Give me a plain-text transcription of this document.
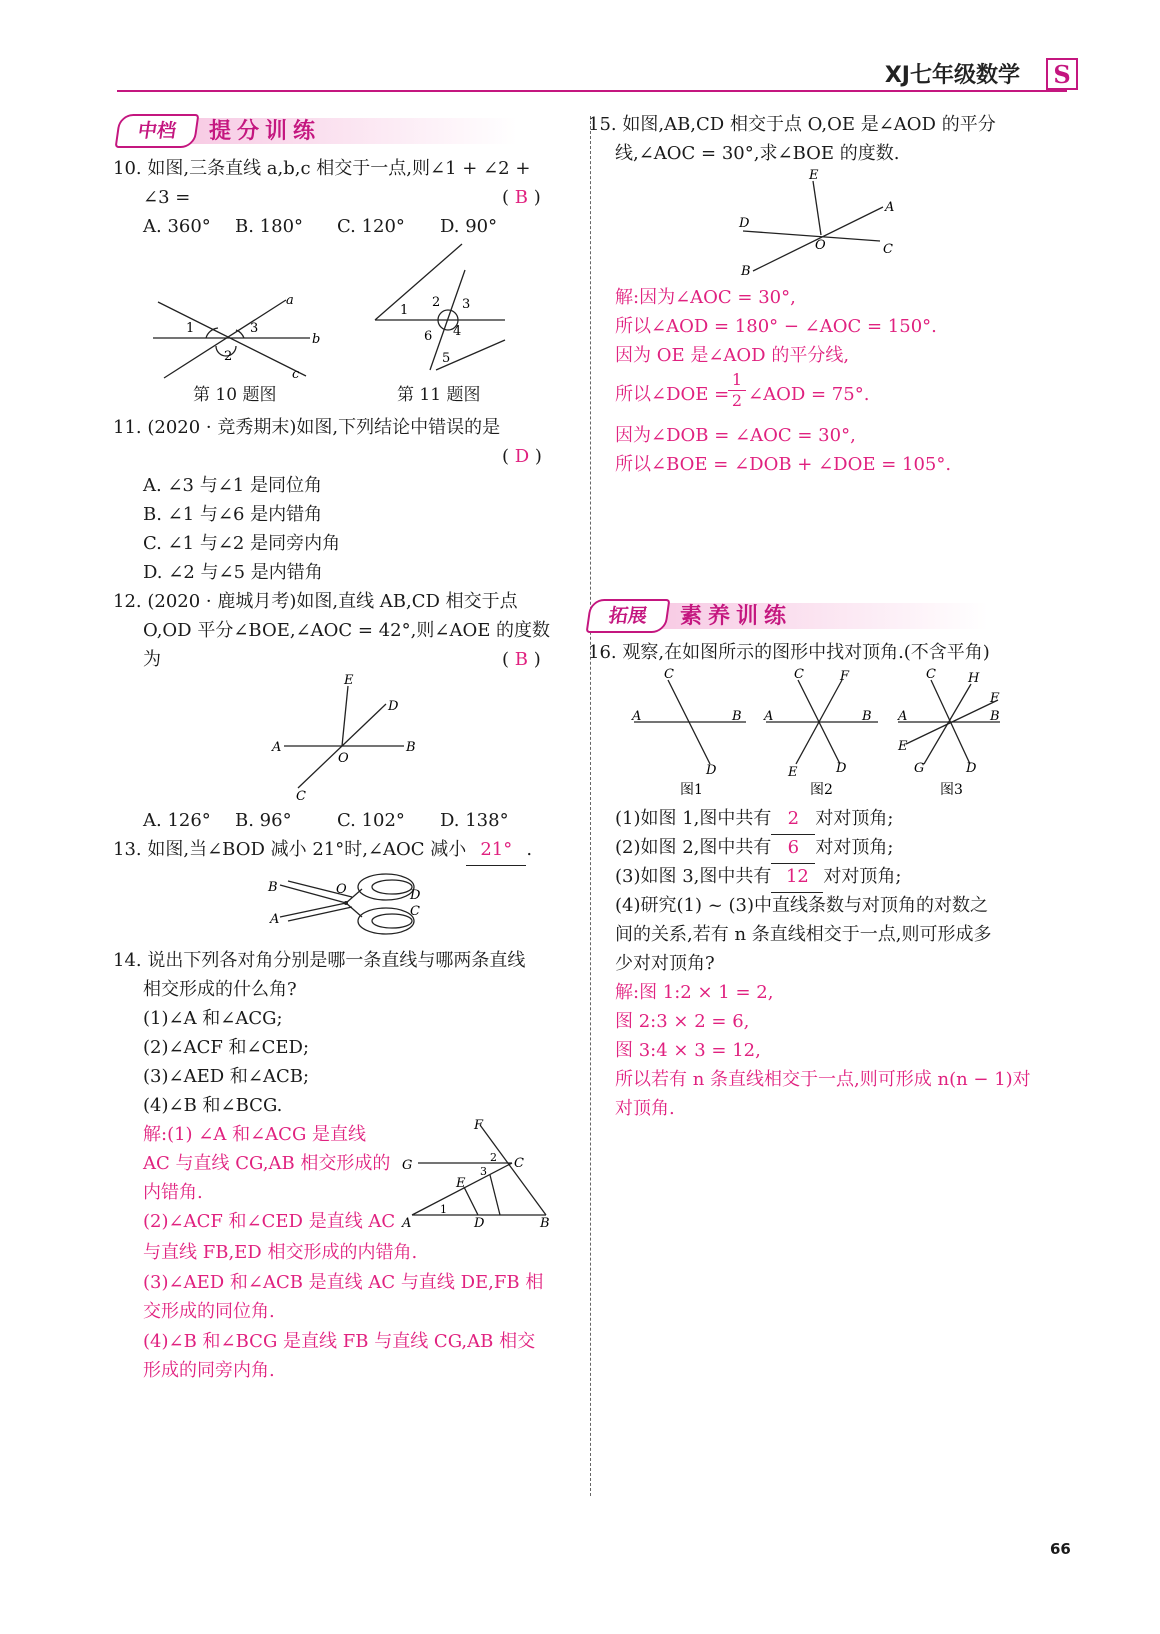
XJ七年级数学 S
中档	提分训练
10. 如图,三条直线 a,b,c 相交于一点,则∠1 + ∠2 +
∠3 =	( B )
A. 360° B. 180° C. 120° D. 90°
1	3
2
a
b
c
第 10 题图
1
2 3
4
6
5
第 11 题图
11. (2020 · 竞秀期末)如图,下列结论中错误的是
( D )
A. ∠3 与∠1 是同位角
B. ∠1 与∠6 是内错角
C. ∠1 与∠2 是同旁内角
D. ∠2 与∠5 是内错角
12. (2020 · 鹿城月考)如图,直线 AB,CD 相交于点
O,OD 平分∠BOE,∠AOC = 42°,则∠AOE 的度数
为	( B )
E
D
A	B
O
C
A. 126° B. 96°	C. 102° D. 138°
13. 如图,当∠BOD 减小 21°时,∠AOC 减小 21° .
B
A
O	D
C
14. 说出下列各对角分别是哪一条直线与哪两条直线
相交形成的什么角?
(1)∠A 和∠ACG;
(2)∠ACF 和∠CED;
(3)∠AED 和∠ACB;
(4)∠B 和∠BCG.
解:(1) ∠A 和∠ACG 是直线
AC 与直线 CG,AB 相交形成的
内错角.
(2)∠ACF 和∠CED 是直线 AC
与直线 FB,ED 相交形成的内错角.
(3)∠AED 和∠ACB 是直线 AC 与直线 DE,FB 相
交形成的同位角.
(4)∠B 和∠BCG 是直线 FB 与直线 CG,AB 相交
形成的同旁内角.
F
G	C
E
A	D	B
2
3
1
15. 如图,AB,CD 相交于点 O,OE 是∠AOD 的平分
线,∠AOC = 30°,求∠BOE 的度数.
E
A
D
O	C
B
解:因为∠AOC = 30°,
所以∠AOD = 180° − ∠AOC = 150°.
因为 OE 是∠AOD 的平分线,
所以∠DOE =
$\frac{1}{2}$ ∠AOD = 75°.
因为∠DOB = ∠AOC = 30°,
所以∠BOE = ∠DOB + ∠DOE = 105°.
拓展	素养训练
16. 观察,在如图所示的图形中找对顶角.(不含平角)
C
A	B
D
图1
C	F
A	B
E	D
图2
C H
F
A	B
E
G	D
图3
(1)如图 1,图中共有 2 对对顶角;
(2)如图 2,图中共有 6 对对顶角;
(3)如图 3,图中共有 12 对对顶角;
(4)研究(1) ~ (3)中直线条数与对顶角的对数之
间的关系,若有 n 条直线相交于一点,则可形成多
少对对顶角?
解:图 1:2 × 1 = 2,
图 2:3 × 2 = 6,
图 3:4 × 3 = 12,
所以若有 n 条直线相交于一点,则可形成 n(n − 1)对
对顶角.
66
